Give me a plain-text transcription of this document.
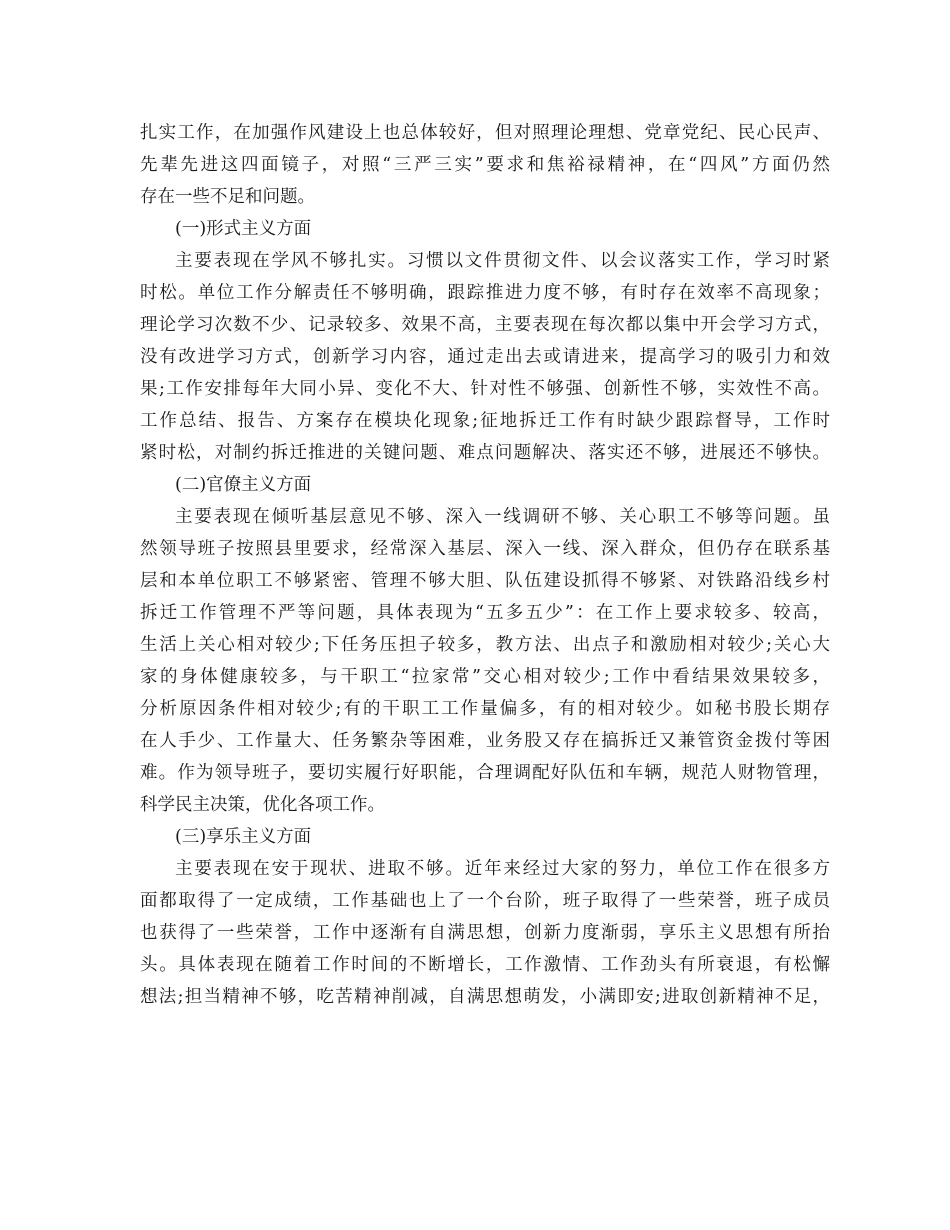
扎实工作，在加强作风建设上也总体较好，但对照理论理想、党章党纪、民心民声、
先辈先进这四面镜子，对照“三严三实”要求和焦裕禄精神，在“四风”方面仍然
存在一些不足和问题。
(一)形式主义方面
主要表现在学风不够扎实。习惯以文件贯彻文件、以会议落实工作，学习时紧
时松。单位工作分解责任不够明确，跟踪推进力度不够，有时存在效率不高现象；
理论学习次数不少、记录较多、效果不高，主要表现在每次都以集中开会学习方式，
没有改进学习方式，创新学习内容，通过走出去或请进来，提高学习的吸引力和效
果;工作安排每年大同小异、变化不大、针对性不够强、创新性不够，实效性不高。
工作总结、报告、方案存在模块化现象;征地拆迁工作有时缺少跟踪督导，工作时
紧时松，对制约拆迁推进的关键问题、难点问题解决、落实还不够，进展还不够快。
(二)官僚主义方面
主要表现在倾听基层意见不够、深入一线调研不够、关心职工不够等问题。虽
然领导班子按照县里要求，经常深入基层、深入一线、深入群众，但仍存在联系基
层和本单位职工不够紧密、管理不够大胆、队伍建设抓得不够紧、对铁路沿线乡村
拆迁工作管理不严等问题，具体表现为“五多五少”：在工作上要求较多、较高，
生活上关心相对较少;下任务压担子较多，教方法、出点子和激励相对较少;关心大
家的身体健康较多，与干职工“拉家常”交心相对较少;工作中看结果效果较多，
分析原因条件相对较少;有的干职工工作量偏多，有的相对较少。如秘书股长期存
在人手少、工作量大、任务繁杂等困难，业务股又存在搞拆迁又兼管资金拨付等困
难。作为领导班子，要切实履行好职能，合理调配好队伍和车辆，规范人财物管理，
科学民主决策，优化各项工作。
(三)享乐主义方面
主要表现在安于现状、进取不够。近年来经过大家的努力，单位工作在很多方
面都取得了一定成绩，工作基础也上了一个台阶，班子取得了一些荣誉，班子成员
也获得了一些荣誉，工作中逐渐有自满思想，创新力度渐弱，享乐主义思想有所抬
头。具体表现在随着工作时间的不断增长，工作激情、工作劲头有所衰退，有松懈
想法;担当精神不够，吃苦精神削减，自满思想萌发，小满即安;进取创新精神不足，
